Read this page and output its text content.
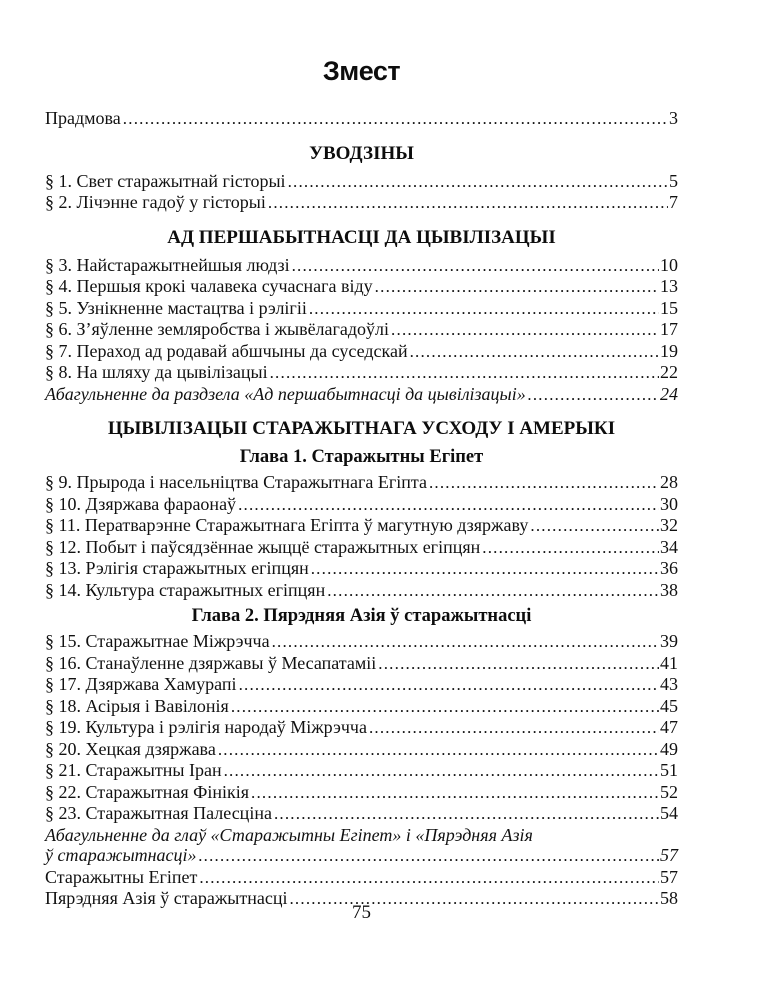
Змест
Прадмова .....	3
УВОДЗІНЫ
§ 1. Свет старажытнай гісторыі .....	5
§ 2. Лічэнне гадоў у гісторыі .....	7
АД ПЕРШАБЫТНАСЦІ ДА ЦЫВІЛІЗАЦЫІ
§ 3. Найстаражытнейшыя людзі .....	10
§ 4. Першыя крокі чалавека сучаснага віду .....	13
§ 5. Узнікненне мастацтва і рэлігіі .....	15
§ 6. З’яўленне земляробства і жывёлагадоўлі .....	17
§ 7. Пераход ад родавай абшчыны да суседскай .....	19
§ 8. На шляху да цывілізацыі .....	22
Абагульненне да раздзела «Ад першабытнасці да цывілізацыі» .....	24
ЦЫВІЛІЗАЦЫІ СТАРАЖЫТНАГА УСХОДУ І АМЕРЫКІ
Глава 1. Старажытны Егіпет
§ 9. Прырода і насельніцтва Старажытнага Егіпта .....	28
§ 10. Дзяржава фараонаў .....	30
§ 11. Ператварэнне Старажытнага Егіпта ў магутную дзяржаву .....	32
§ 12. Побыт і паўсядзённае жыццё старажытных егіпцян .....	34
§ 13. Рэлігія старажытных егіпцян .....	36
§ 14. Культура старажытных егіпцян .....	38
Глава 2. Пярэдняя Азія ў старажытнасці
§ 15. Старажытнае Міжрэчча .....	39
§ 16. Станаўленне дзяржавы ў Месапатаміі .....	41
§ 17. Дзяржава Хамурапі .....	43
§ 18. Асірыя і Вавілонія .....	45
§ 19. Культура і рэлігія народаў Міжрэчча .....	47
§ 20. Хецкая дзяржава .....	49
§ 21. Старажытны Іран .....	51
§ 22. Старажытная Фінікія .....	52
§ 23. Старажытная Палесціна .....	54
Абагульненне да глаў «Старажытны Егіпет» і «Пярэдняя Азія
ў старажытнасці» .....	57
Старажытны Егіпет .....	57
Пярэдняя Азія ў старажытнасці .....	58
75
